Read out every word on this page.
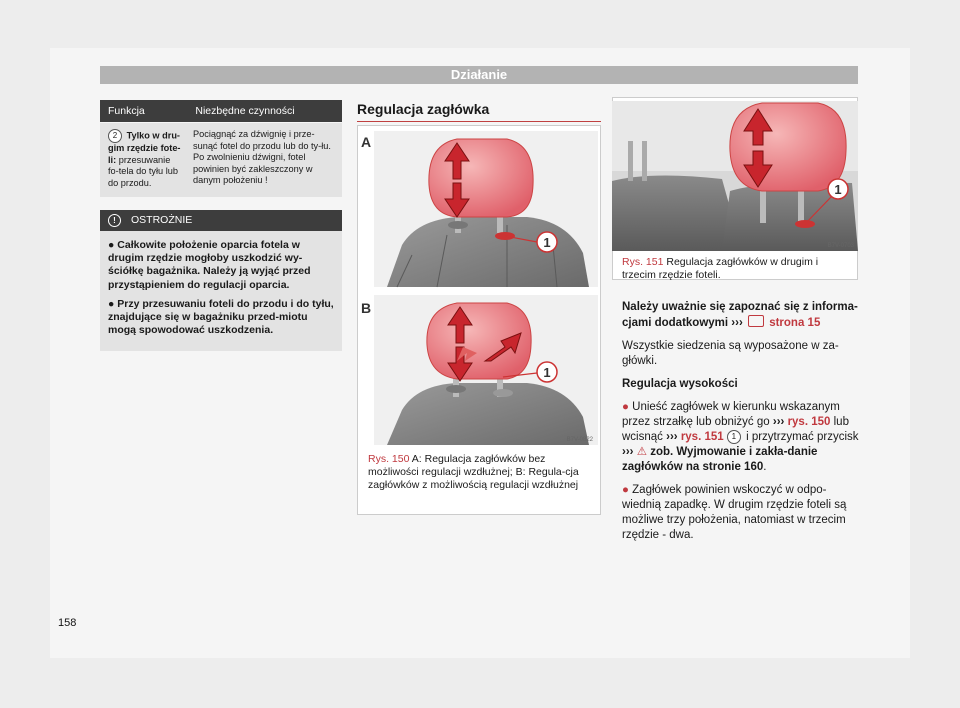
Działanie
Funkcja	Niezbędne czynności
2 Tylko w dru-gim rzędzie fote-li: przesuwanie fo-tela do tyłu lub do przodu.
Pociągnąć za dźwignię i prze-sunąć fotel do przodu lub do ty-łu. Po zwolnieniu dźwigni, fotel powinien być zakleszczony w danym położeniu !
!	OSTROŻNIE

● Całkowite położenie oparcia fotela w drugim rzędzie mogłoby uszkodzić wy-ściółkę bagażnika. Należy ją wyjąć przed przystąpieniem do regulacji oparcia.

● Przy przesuwaniu foteli do przodu i do tyłu, znajdujące się w bagażniku przed-miotu mogą spowodować uszkodzenia.

Regulacja zagłówka
1
A
1
B
B7V-0822
Rys. 150 A: Regulacja zagłówków bez możliwości regulacji wzdłużnej; B: Regula-cja zagłówków z możliwością regulacji wzdłużnej
1
B7V-0703
Rys. 151 Regulacja zagłówków w drugim i trzecim rzędzie foteli.

Należy uważnie się zapoznać się z informa-cjami dodatkowymi ››› strona 15

Wszystkie siedzenia są wyposażone w za-główki.

Regulacja wysokości

● Unieść zagłówek w kierunku wskazanym przez strzałkę lub obniżyć go ››› rys. 150 lub wcisnąć ››› rys. 151 1 i przytrzymać przycisk ››› ⚠ zob. Wyjmowanie i zakła-danie zagłówków na stronie 160.

● Zagłówek powinien wskoczyć w odpo-wiednią zapadkę. W drugim rzędzie foteli są możliwe trzy położenia, natomiast w trzecim rzędzie - dwa.

158
